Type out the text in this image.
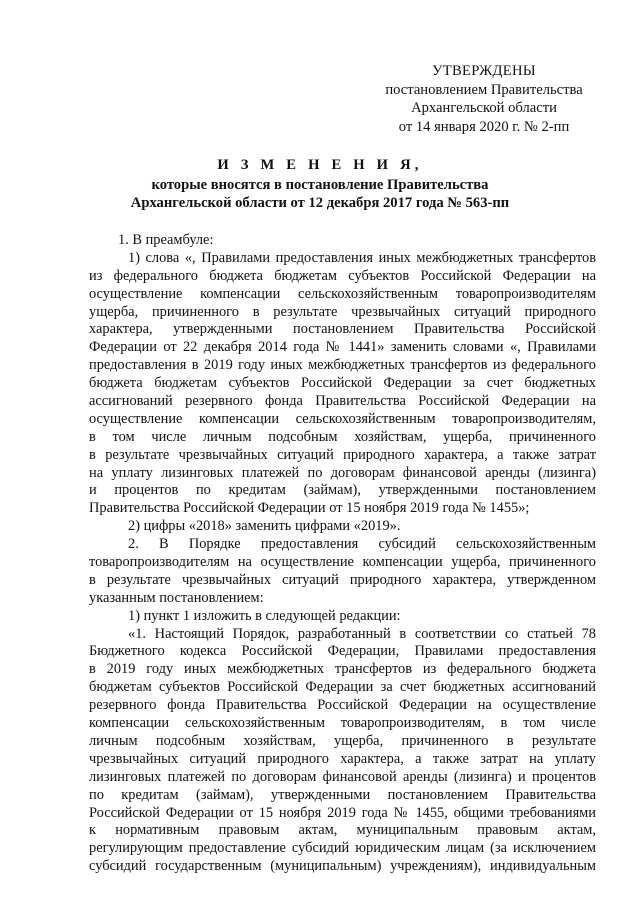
УТВЕРЖДЕНЫ
постановлением Правительства
Архангельской области
от 14 января 2020 г. № 2-пп
И З М Е Н Е Н И Я,
которые вносятся в постановление Правительства
Архангельской области от 12 декабря 2017 года № 563-пп
1. В преамбуле:
1) слова «, Правилами предоставления иных межбюджетных трансфертов
из федерального бюджета бюджетам субъектов Российской Федерации на
осуществление компенсации сельскохозяйственным товаропроизводителям
ущерба, причиненного в результате чрезвычайных ситуаций природного
характера, утвержденными постановлением Правительства Российской
Федерации от 22 декабря 2014 года № 1441» заменить словами «, Правилами
предоставления в 2019 году иных межбюджетных трансфертов из федерального
бюджета бюджетам субъектов Российской Федерации за счет бюджетных
ассигнований резервного фонда Правительства Российской Федерации на
осуществление компенсации сельскохозяйственным товаропроизводителям,
в том числе личным подсобным хозяйствам, ущерба, причиненного
в результате чрезвычайных ситуаций природного характера, а также затрат
на уплату лизинговых платежей по договорам финансовой аренды (лизинга)
и процентов по кредитам (займам), утвержденными постановлением
Правительства Российской Федерации от 15 ноября 2019 года № 1455»;
2) цифры «2018» заменить цифрами «2019».
2. В Порядке предоставления субсидий сельскохозяйственным
товаропроизводителям на осуществление компенсации ущерба, причиненного
в результате чрезвычайных ситуаций природного характера, утвержденном
указанным постановлением:
1) пункт 1 изложить в следующей редакции:
«1. Настоящий Порядок, разработанный в соответствии со статьей 78
Бюджетного кодекса Российской Федерации, Правилами предоставления
в 2019 году иных межбюджетных трансфертов из федерального бюджета
бюджетам субъектов Российской Федерации за счет бюджетных ассигнований
резервного фонда Правительства Российской Федерации на осуществление
компенсации сельскохозяйственным товаропроизводителям, в том числе
личным подсобным хозяйствам, ущерба, причиненного в результате
чрезвычайных ситуаций природного характера, а также затрат на уплату
лизинговых платежей по договорам финансовой аренды (лизинга) и процентов
по кредитам (займам), утвержденными постановлением Правительства
Российской Федерации от 15 ноября 2019 года № 1455, общими требованиями
к нормативным правовым актам, муниципальным правовым актам,
регулирующим предоставление субсидий юридическим лицам (за исключением
субсидий государственным (муниципальным) учреждениям), индивидуальным
